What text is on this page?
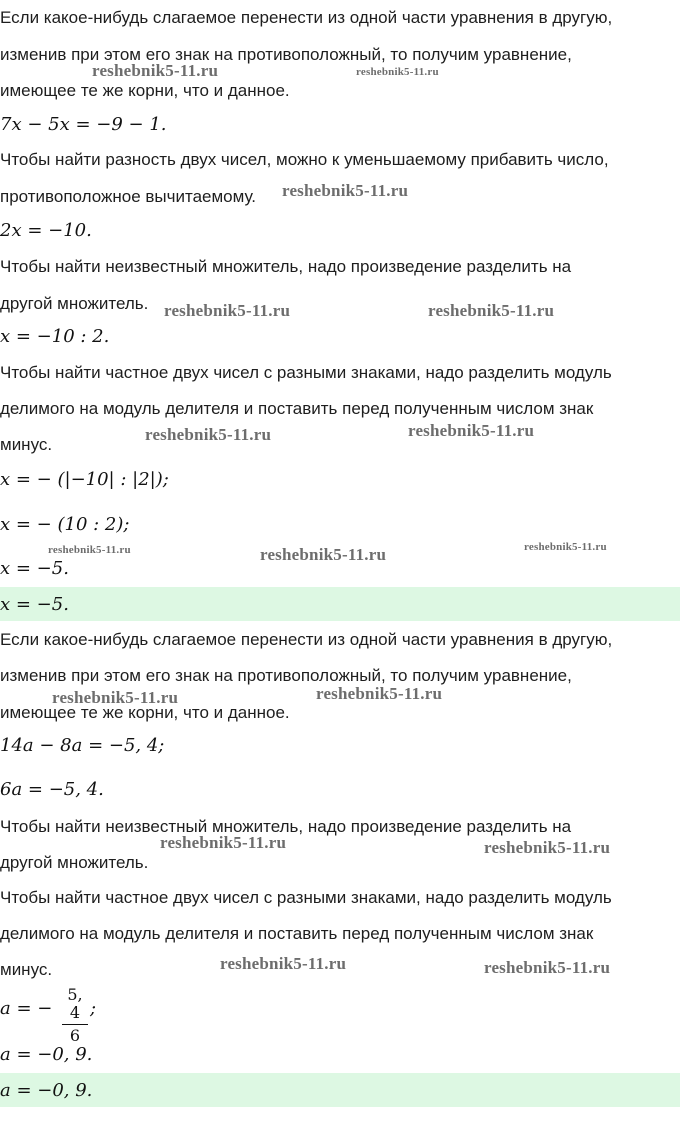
Если какое-нибудь слагаемое перенести из одной части уравнения в другую,

изменив при этом его знак на противоположный, то получим уравнение,

имеющее те же корни, что и данное.

7x − 5x = −9 − 1.

Чтобы найти разность двух чисел, можно к уменьшаемому прибавить число,

противоположное вычитаемому.

2x = −10.

Чтобы найти неизвестный множитель, надо произведение разделить на

другой множитель.

x = −10 : 2.

Чтобы найти частное двух чисел с разными знаками, надо разделить модуль

делимого на модуль делителя и поставить перед полученным числом знак

минус.

x = − (|−10| : |2|);

x = − (10 : 2);

x = −5.

x = −5.

Если какое-нибудь слагаемое перенести из одной части уравнения в другую,

изменив при этом его знак на противоположный, то получим уравнение,

имеющее те же корни, что и данное.

14a − 8a = −5, 4;

6a = −5, 4.

Чтобы найти неизвестный множитель, надо произведение разделить на

другой множитель.

Чтобы найти частное двух чисел с разными знаками, надо разделить модуль

делимого на модуль делителя и поставить перед полученным числом знак

минус.

a = −

5, 4
6

;

a = −0, 9.

a = −0, 9.

reshebnik5-11.ru	reshebnik5-11.ru
reshebnik5-11.ru
reshebnik5-11.ru	reshebnik5-11.ru
reshebnik5-11.ru	reshebnik5-11.ru
reshebnik5-11.ru	reshebnik5-11.ru	reshebnik5-11.ru
reshebnik5-11.ru	reshebnik5-11.ru
reshebnik5-11.ru	reshebnik5-11.ru
reshebnik5-11.ru	reshebnik5-11.ru
